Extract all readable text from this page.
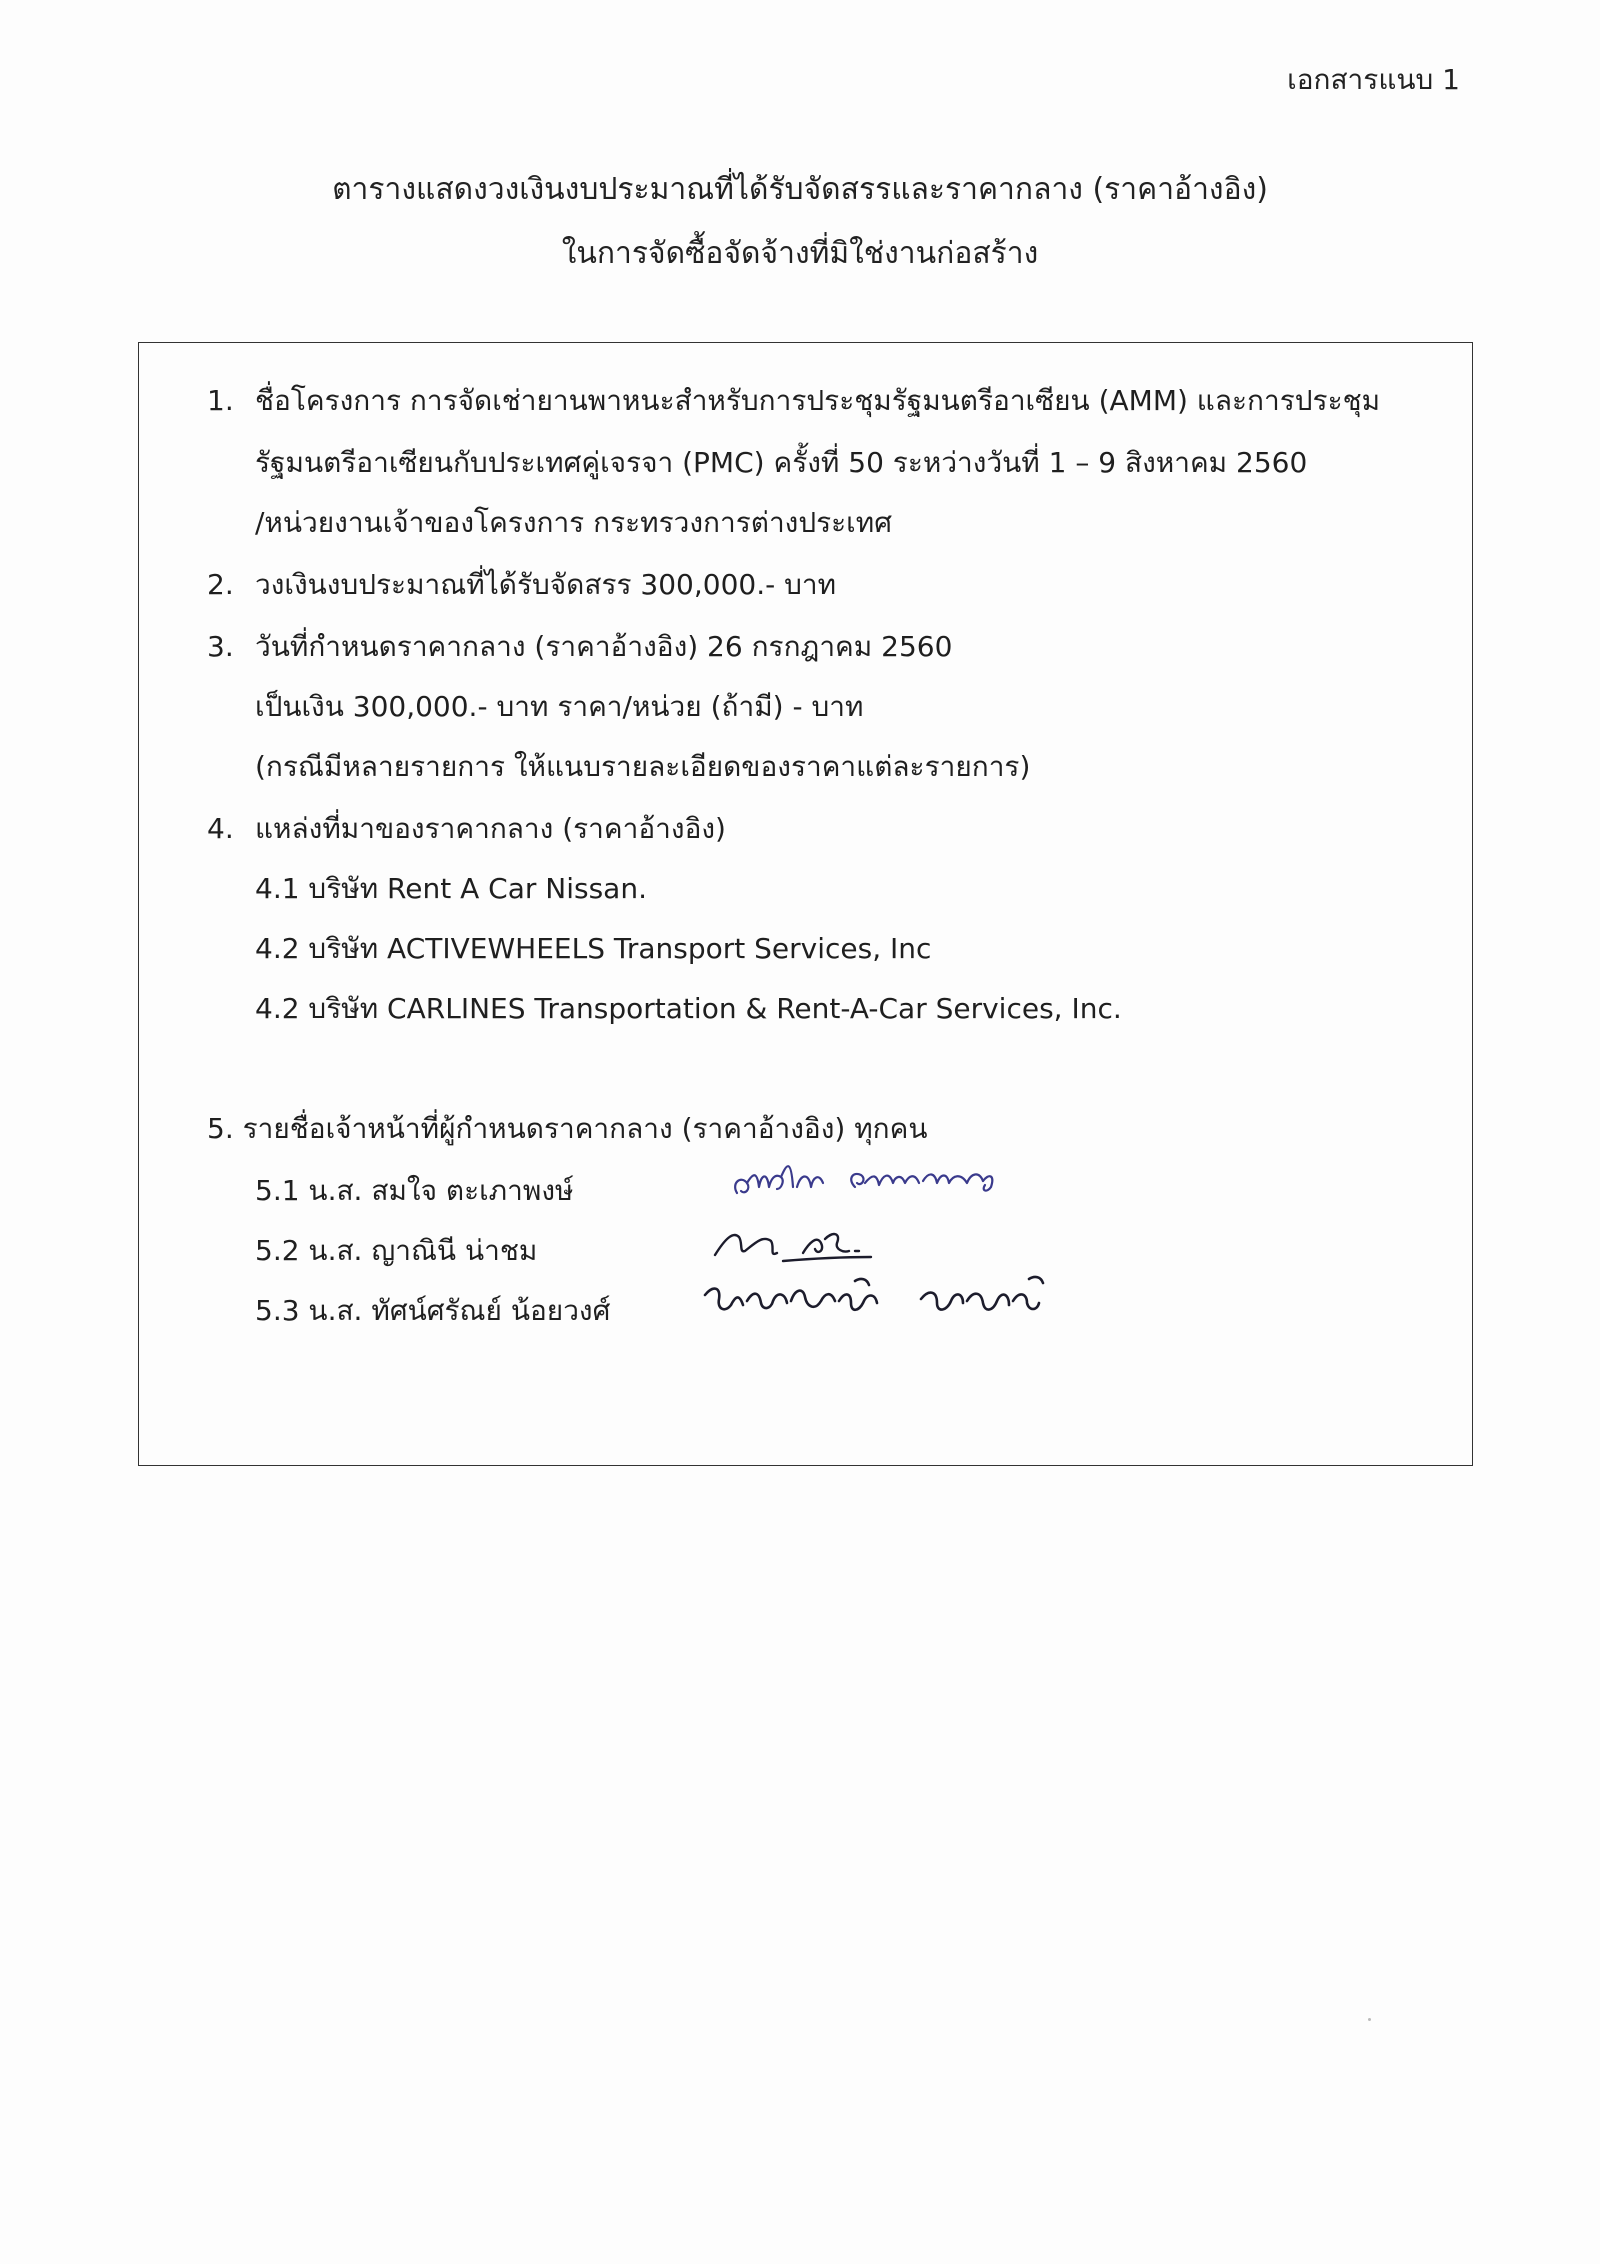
เอกสารแนบ 1
ตารางแสดงวงเงินงบประมาณที่ได้รับจัดสรรและราคากลาง (ราคาอ้างอิง)
ในการจัดซื้อจัดจ้างที่มิใช่งานก่อสร้าง
1. ชื่อโครงการ การจัดเช่ายานพาหนะสำหรับการประชุมรัฐมนตรีอาเซียน (AMM) และการประชุม
รัฐมนตรีอาเซียนกับประเทศคู่เจรจา (PMC) ครั้งที่ 50 ระหว่างวันที่ 1 – 9 สิงหาคม 2560
/หน่วยงานเจ้าของโครงการ กระทรวงการต่างประเทศ
2. วงเงินงบประมาณที่ได้รับจัดสรร 300,000.- บาท
3. วันที่กำหนดราคากลาง (ราคาอ้างอิง) 26 กรกฎาคม 2560
เป็นเงิน 300,000.- บาท ราคา/หน่วย (ถ้ามี) - บาท
(กรณีมีหลายรายการ ให้แนบรายละเอียดของราคาแต่ละรายการ)
4. แหล่งที่มาของราคากลาง (ราคาอ้างอิง)
4.1 บริษัท Rent A Car Nissan.
4.2 บริษัท ACTIVEWHEELS Transport Services, Inc
4.2 บริษัท CARLINES Transportation & Rent-A-Car Services, Inc.
5. รายชื่อเจ้าหน้าที่ผู้กำหนดราคากลาง (ราคาอ้างอิง) ทุกคน
5.1 น.ส. สมใจ ตะเภาพงษ์
5.2 น.ส. ญาณินี น่าชม
5.3 น.ส. ทัศน์ศรัณย์ น้อยวงศ์
